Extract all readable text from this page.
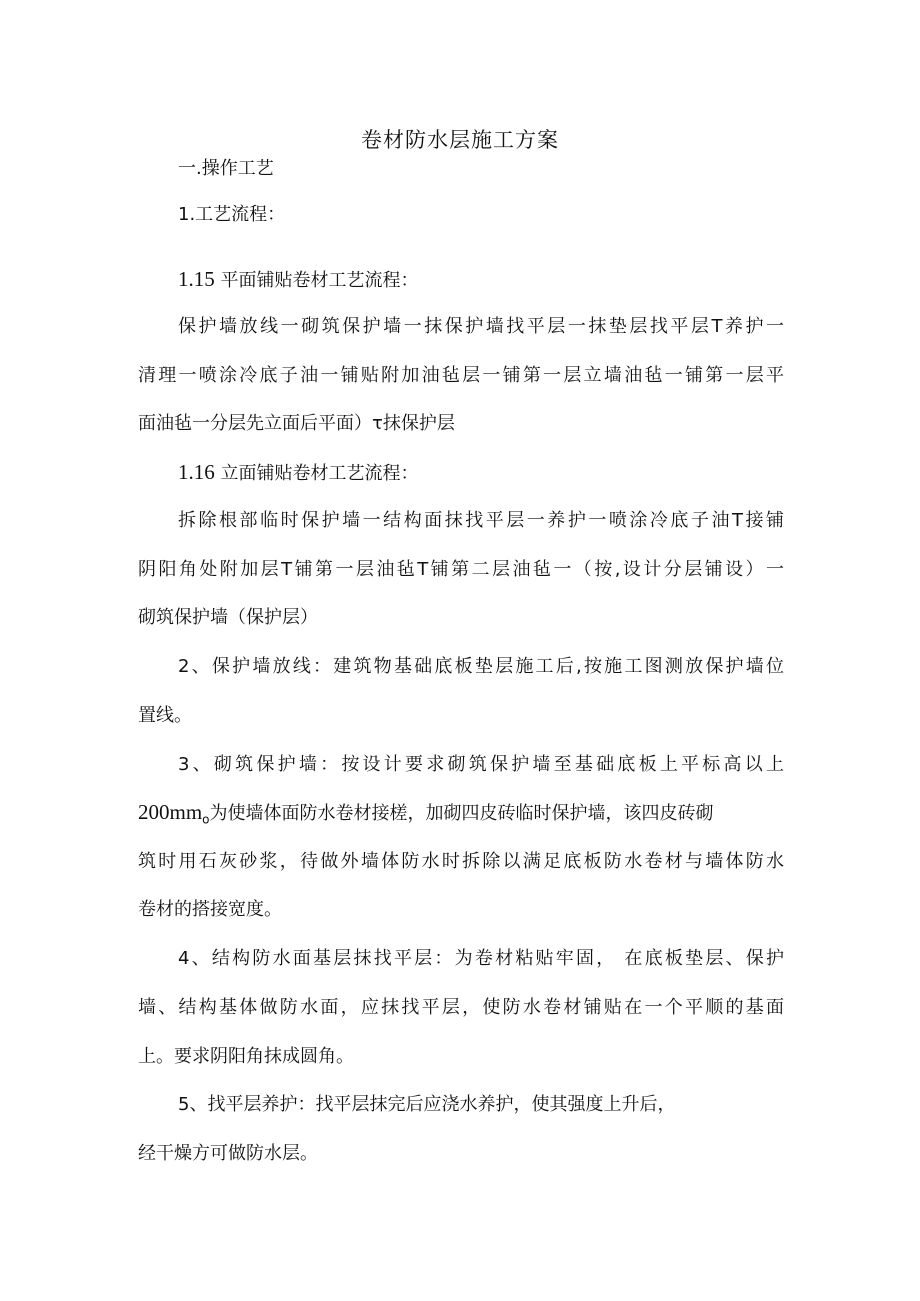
卷材防水层施工方案
一.操作工艺
1.工艺流程：
1.15 平面铺贴卷材工艺流程：
保护墙放线一砌筑保护墙一抹保护墙找平层一抹垫层找平层T养护一
清理一喷涂冷底子油一铺贴附加油毡层一铺第一层立墙油毡一铺第一层平
面油毡一分层先立面后平面）τ抹保护层
1.16 立面铺贴卷材工艺流程：
拆除根部临时保护墙一结构面抹找平层一养护一喷涂冷底子油T接铺
阴阳角处附加层T铺第一层油毡T铺第二层油毡一（按,设计分层铺设）一
砌筑保护墙（保护层）
2、保护墙放线：建筑物基础底板垫层施工后,按施工图测放保护墙位
置线。
3、砌筑保护墙：按设计要求砌筑保护墙至基础底板上平标高以上
$200mm_o$为使墙体面防水卷材接槎，加砌四皮砖临时保护墙，该四皮砖砌
筑时用石灰砂浆，待做外墙体防水时拆除以满足底板防水卷材与墙体防水
卷材的搭接宽度。
4、结构防水面基层抹找平层：为卷材粘贴牢固， 在底板垫层、保护
墙、结构基体做防水面，应抹找平层，使防水卷材铺贴在一个平顺的基面
上。要求阴阳角抹成圆角。
5、找平层养护：找平层抹完后应浇水养护，使其强度上升后，
经干燥方可做防水层。
